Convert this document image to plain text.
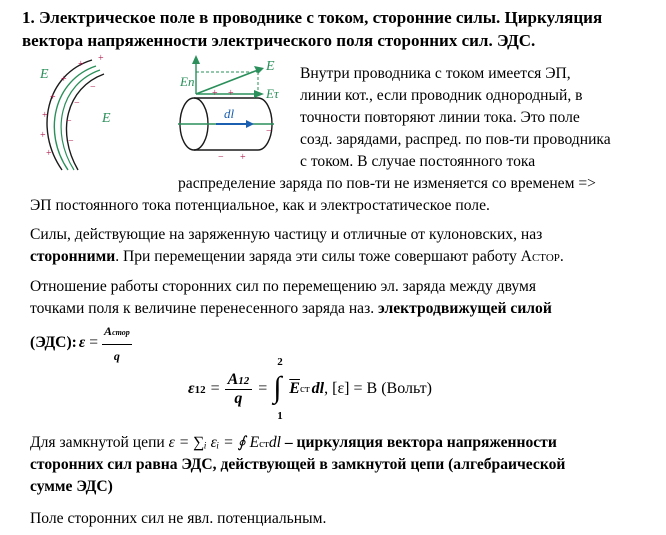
1. Электрическое поле в проводнике с током, сторонние силы. Циркуляция вектора напряженности электрического поля сторонних сил. ЭДС.
+
+
+
+
+
+
+
−
−
−
−
E
E	dl
E
En
Eτ
+ +
+
−
−
Внутри проводника с током имеется ЭП,
линии кот., если проводник однородный, в
точности повторяют линии тока. Это поле
созд. зарядами, распред. по пов-ти проводника
с током. В случае постоянного тока
распределение заряда по пов-ти не изменяется со временем =>
ЭП постоянного тока потенциальное, как и электростатическое поле.
Силы, действующие на заряженную частицу и отличные от кулоновских, наз
сторонними. При перемещении заряда эти силы тоже совершают работу AСТОР.
Отношение работы сторонних сил по перемещению эл. заряда между двумя
точками поля к величине перенесенного заряда наз. электродвижущей силой
(ЭДС): ε =
Aстор
q
$\varepsilon 12 = \frac{A12}{q}$ =
2
∫
1
$\overline{E}$ ст dl , [ε] = В (Вольт)
Для замкнутой цепи ε = ∑ᵢ εᵢ = ∮ Eстdl – циркуляция вектора напряженности
сторонних сил равна ЭДС, действующей в замкнутой цепи (алгебраической
сумме ЭДС)
Поле сторонних сил не явл. потенциальным.
